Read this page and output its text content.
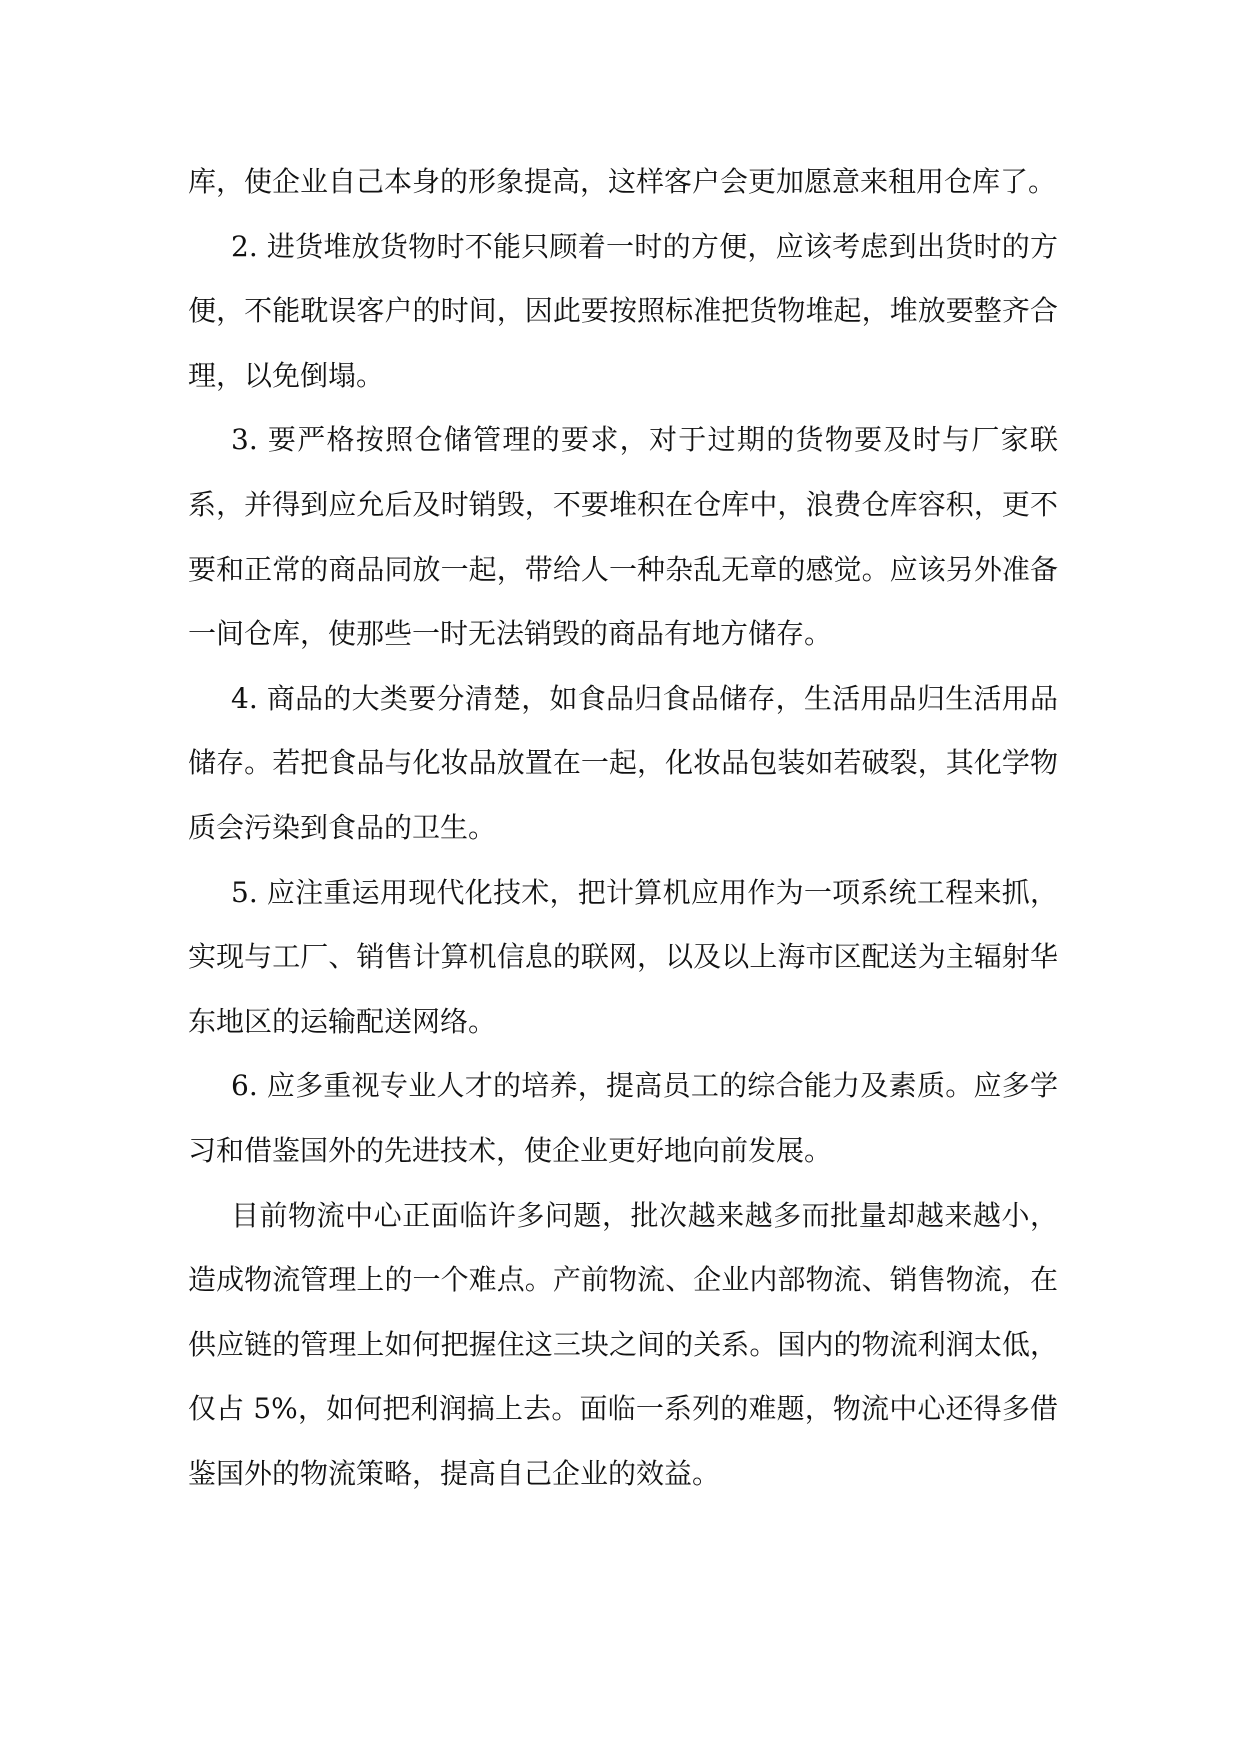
库，使企业自己本身的形象提高，这样客户会更加愿意来租用仓库了。

2. 进货堆放货物时不能只顾着一时的方便，应该考虑到出货时的方便，不能耽误客户的时间，因此要按照标准把货物堆起，堆放要整齐合理，以免倒塌。

3. 要严格按照仓储管理的要求，对于过期的货物要及时与厂家联系，并得到应允后及时销毁，不要堆积在仓库中，浪费仓库容积，更不要和正常的商品同放一起，带给人一种杂乱无章的感觉。应该另外准备一间仓库，使那些一时无法销毁的商品有地方储存。

4. 商品的大类要分清楚，如食品归食品储存，生活用品归生活用品储存。若把食品与化妆品放置在一起，化妆品包装如若破裂，其化学物质会污染到食品的卫生。

5. 应注重运用现代化技术，把计算机应用作为一项系统工程来抓，实现与工厂、销售计算机信息的联网，以及以上海市区配送为主辐射华东地区的运输配送网络。

6. 应多重视专业人才的培养，提高员工的综合能力及素质。应多学习和借鉴国外的先进技术，使企业更好地向前发展。

目前物流中心正面临许多问题，批次越来越多而批量却越来越小，造成物流管理上的一个难点。产前物流、企业内部物流、销售物流，在供应链的管理上如何把握住这三块之间的关系。国内的物流利润太低，仅占 5%，如何把利润搞上去。面临一系列的难题，物流中心还得多借鉴国外的物流策略，提高自己企业的效益。
